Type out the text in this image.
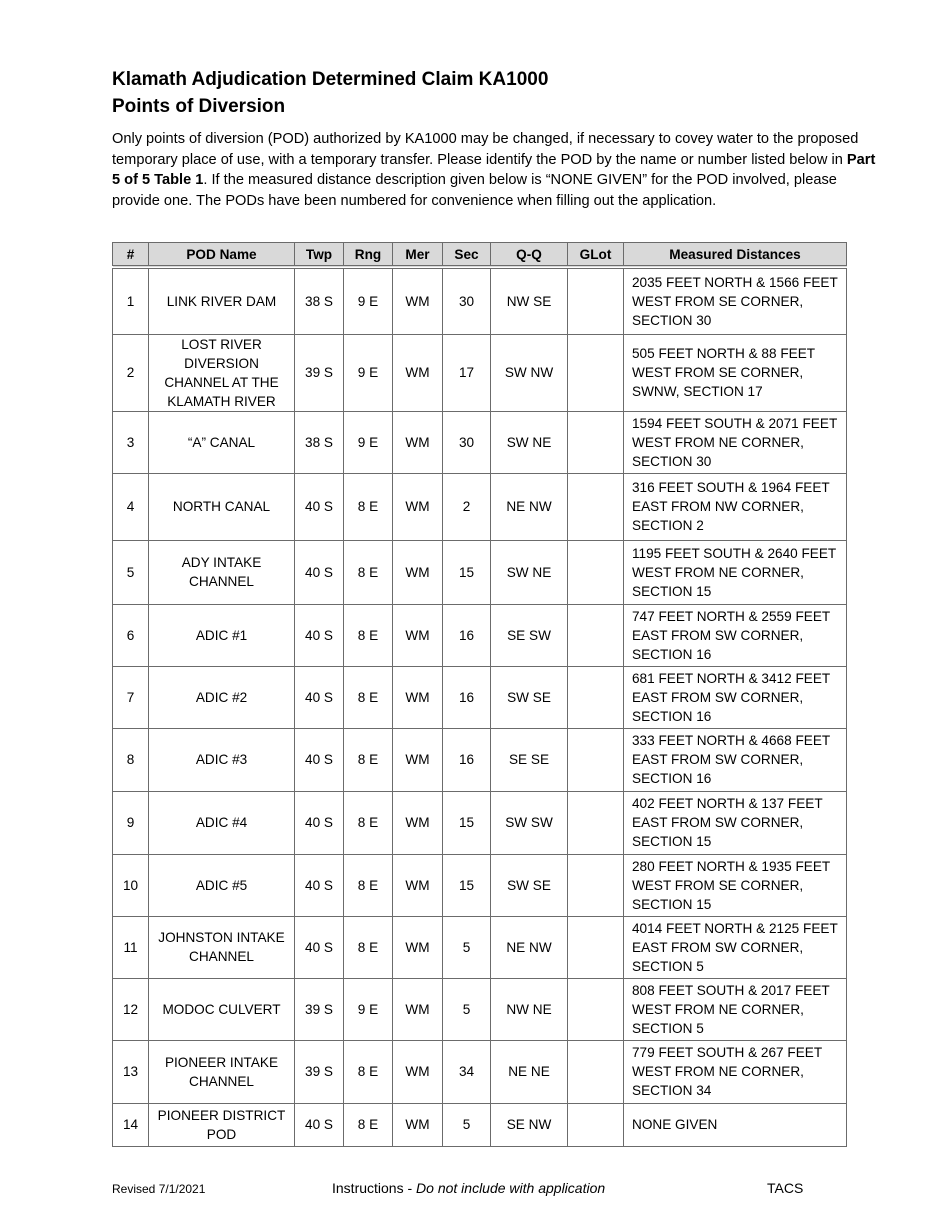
Klamath Adjudication Determined Claim KA1000
Points of Diversion
Only points of diversion (POD) authorized by KA1000 may be changed, if necessary to covey water to the proposed temporary place of use, with a temporary transfer. Please identify the POD by the name or number listed below in Part 5 of 5 Table 1. If the measured distance description given below is “NONE GIVEN” for the POD involved, please provide one. The PODs have been numbered for convenience when filling out the application.
#	POD Name	Twp	Rng	Mer	Sec	Q-Q	GLot	Measured Distances
1	LINK RIVER DAM	38 S	9 E	WM	30	NW SE		2035 FEET NORTH & 1566 FEET WEST FROM SE CORNER, SECTION 30
2	LOST RIVER DIVERSION CHANNEL AT THE KLAMATH RIVER	39 S	9 E	WM	17	SW NW		505 FEET NORTH & 88 FEET WEST FROM SE CORNER, SWNW, SECTION 17
3	“A” CANAL	38 S	9 E	WM	30	SW NE		1594 FEET SOUTH & 2071 FEET WEST FROM NE CORNER, SECTION 30
4	NORTH CANAL	40 S	8 E	WM	2	NE NW		316 FEET SOUTH & 1964 FEET EAST FROM NW CORNER, SECTION 2
5	ADY INTAKE CHANNEL	40 S	8 E	WM	15	SW NE		1195 FEET SOUTH & 2640 FEET WEST FROM NE CORNER, SECTION 15
6	ADIC #1	40 S	8 E	WM	16	SE SW		747 FEET NORTH & 2559 FEET EAST FROM SW CORNER, SECTION 16
7	ADIC #2	40 S	8 E	WM	16	SW SE		681 FEET NORTH & 3412 FEET EAST FROM SW CORNER, SECTION 16
8	ADIC #3	40 S	8 E	WM	16	SE SE		333 FEET NORTH & 4668 FEET EAST FROM SW CORNER, SECTION 16
9	ADIC #4	40 S	8 E	WM	15	SW SW		402 FEET NORTH & 137 FEET EAST FROM SW CORNER, SECTION 15
10	ADIC #5	40 S	8 E	WM	15	SW SE		280 FEET NORTH & 1935 FEET WEST FROM SE CORNER, SECTION 15
11	JOHNSTON INTAKE CHANNEL	40 S	8 E	WM	5	NE NW		4014 FEET NORTH & 2125 FEET EAST FROM SW CORNER, SECTION 5
12	MODOC CULVERT	39 S	9 E	WM	5	NW NE		808 FEET SOUTH & 2017 FEET WEST FROM NE CORNER, SECTION 5
13	PIONEER INTAKE CHANNEL	39 S	8 E	WM	34	NE NE		779 FEET SOUTH & 267 FEET WEST FROM NE CORNER, SECTION 34
14	PIONEER DISTRICT POD	40 S	8 E	WM	5	SE NW		NONE GIVEN
Revised 7/1/2021	Instructions - Do not include with application	TACS
